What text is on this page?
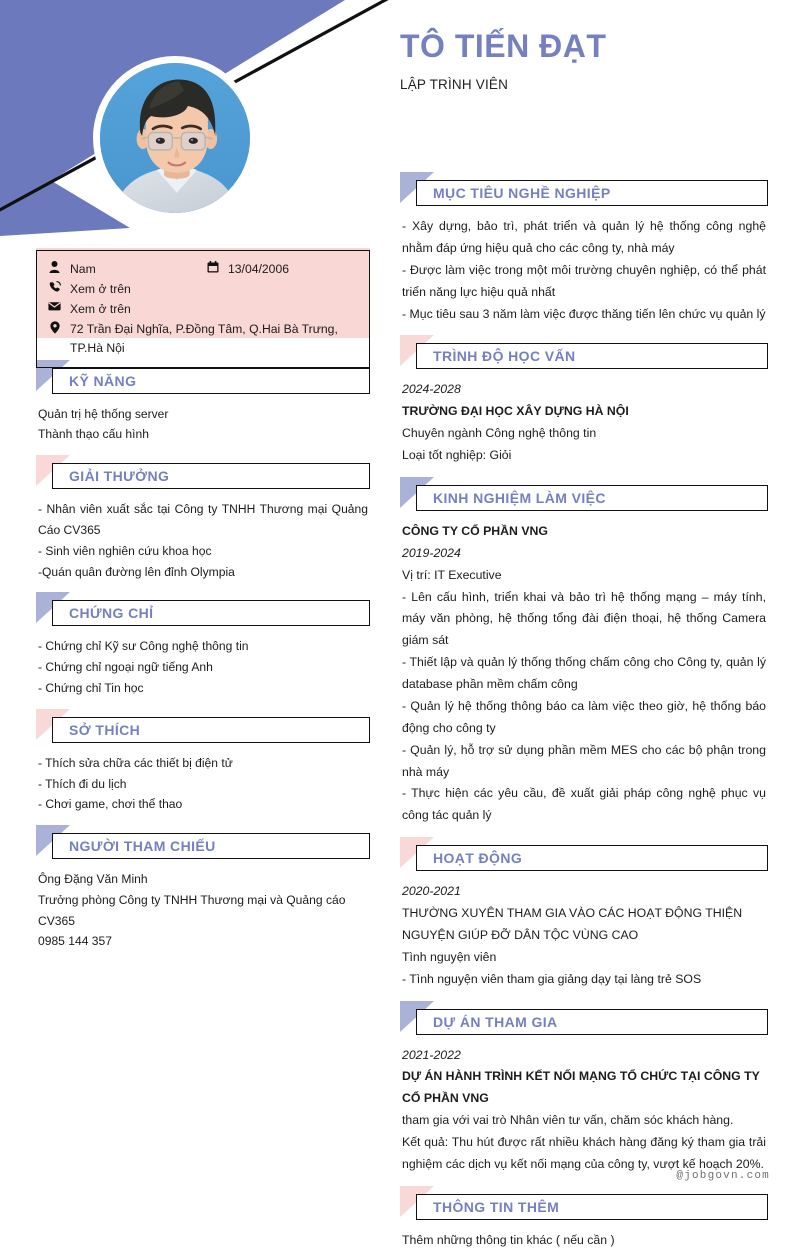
TÔ TIẾN ĐẠT

LẬP TRÌNH VIÊN

Nam	13/04/2006
Xem ở trên
Xem ở trên
72 Trần Đại Nghĩa, P.Đồng Tâm, Q.Hai Bà Trưng, TP.Hà Nội
KỸ NĂNG

Quản trị hệ thống server

Thành thạo cấu hình

GIẢI THƯỞNG

- Nhân viên xuất sắc tại Công ty TNHH Thương mại Quảng Cáo CV365

- Sinh viên nghiên cứu khoa học

-Quán quân đường lên đỉnh Olympia

CHỨNG CHỈ

- Chứng chỉ Kỹ sư Công nghệ thông tin

- Chứng chỉ ngoại ngữ tiếng Anh

- Chứng chỉ Tin học

SỞ THÍCH

- Thích sửa chữa các thiết bị điện tử

- Thích đi du lịch

- Chơi game, chơi thể thao

NGƯỜI THAM CHIẾU

Ông Đặng Văn Minh

Trưởng phòng Công ty TNHH Thương mại và Quảng cáo CV365

0985 144 357

MỤC TIÊU NGHỀ NGHIỆP

- Xây dựng, bảo trì, phát triển và quản lý hệ thống công nghệ nhằm đáp ứng hiệu quả cho các công ty, nhà máy

- Được làm việc trong một môi trường chuyên nghiệp, có thể phát triển năng lực hiệu quả nhất

- Mục tiêu sau 3 năm làm việc được thăng tiến lên chức vụ quản lý

TRÌNH ĐỘ HỌC VẤN

2024-2028

TRƯỜNG ĐẠI HỌC XÂY DỰNG HÀ NỘI

Chuyên ngành Công nghệ thông tin

Loại tốt nghiệp: Giỏi

KINH NGHIỆM LÀM VIỆC

CÔNG TY CỔ PHẦN VNG

2019-2024

Vị trí: IT Executive

- Lên cấu hình, triển khai và bảo trì hệ thống mạng – máy tính, máy văn phòng, hệ thống tổng đài điện thoại, hệ thống Camera giám sát

- Thiết lập và quản lý thống thống chấm công cho Công ty, quản lý database phần mềm chấm công

- Quản lý hệ thống thông báo ca làm việc theo giờ, hệ thống báo động cho công ty

- Quản lý, hỗ trợ sử dụng phần mềm MES cho các bộ phận trong nhà máy

- Thực hiện các yêu cầu, đề xuất giải pháp công nghệ phục vụ công tác quản lý

HOẠT ĐỘNG

2020-2021

THƯỜNG XUYÊN THAM GIA VÀO CÁC HOẠT ĐỘNG THIỆN NGUYỆN GIÚP ĐỠ DÂN TỘC VÙNG CAO

Tình nguyện viên

- Tình nguyện viên tham gia giảng dạy tại làng trẻ SOS

DỰ ÁN THAM GIA

2021-2022

DỰ ÁN HÀNH TRÌNH KẾT NỐI MẠNG TỔ CHỨC TẠI CÔNG TY CỔ PHẦN VNG

tham gia với vai trò Nhân viên tư vấn, chăm sóc khách hàng.

Kết quả: Thu hút được rất nhiều khách hàng đăng ký tham gia trải nghiệm các dịch vụ kết nối mạng của công ty, vượt kế hoạch 20%.

THÔNG TIN THÊM

Thêm những thông tin khác ( nếu cần )

@jobgovn.com
